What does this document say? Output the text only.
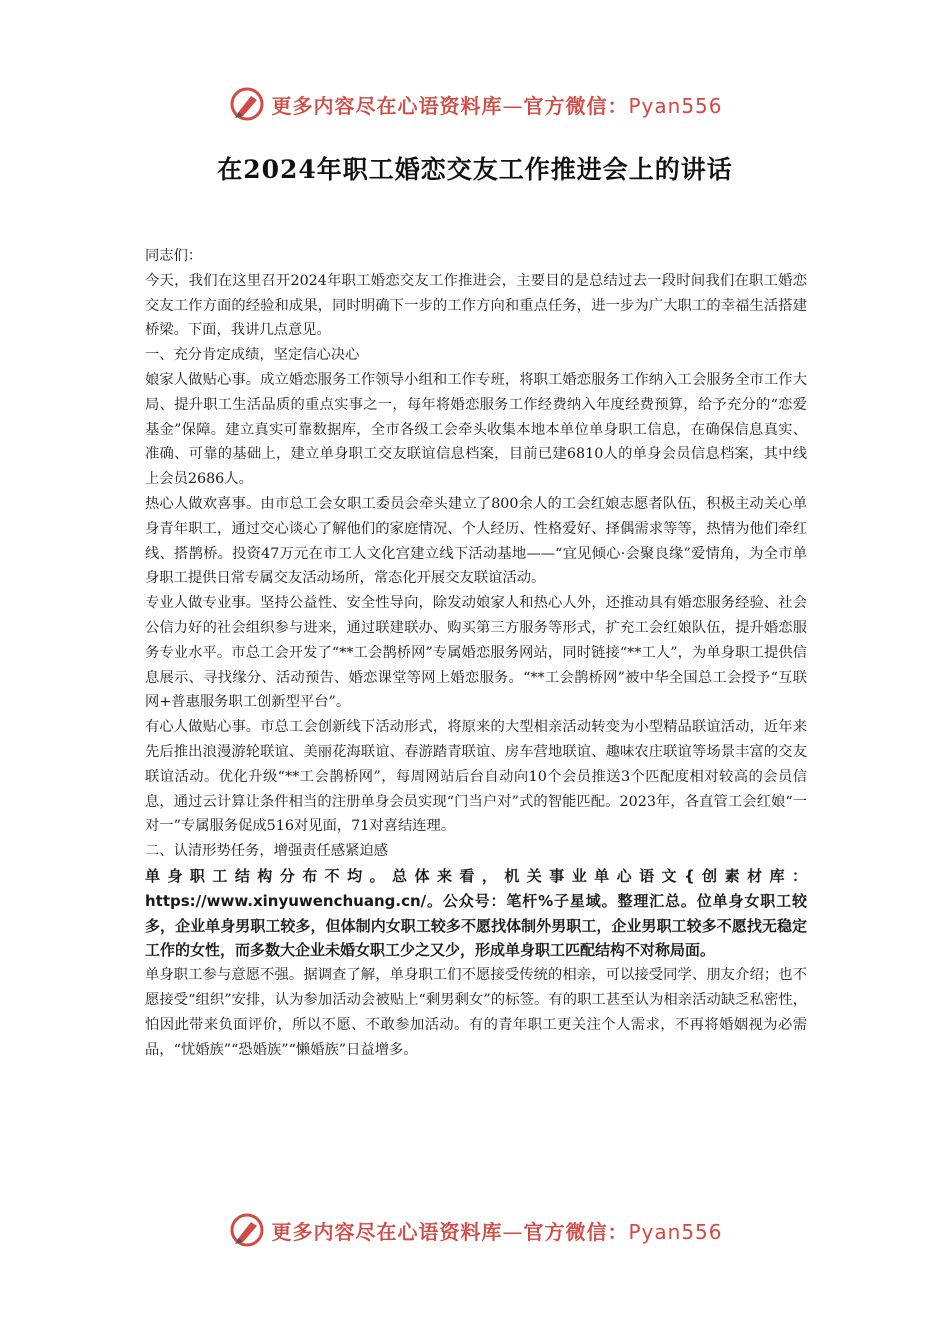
更多内容尽在心语资料库—官方微信：Pyan556
在2024年职工婚恋交友工作推进会上的讲话

同志们：

今天，我们在这里召开2024年职工婚恋交友工作推进会，主要目的是总结过去一段时间我们在职工婚恋交友工作方面的经验和成果，同时明确下一步的工作方向和重点任务，进一步为广大职工的幸福生活搭建桥梁。下面，我讲几点意见。

一、充分肯定成绩，坚定信心决心

娘家人做贴心事。成立婚恋服务工作领导小组和工作专班，将职工婚恋服务工作纳入工会服务全市工作大局、提升职工生活品质的重点实事之一，每年将婚恋服务工作经费纳入年度经费预算，给予充分的“恋爱基金”保障。建立真实可靠数据库，全市各级工会牵头收集本地本单位单身职工信息，在确保信息真实、准确、可靠的基础上，建立单身职工交友联谊信息档案，目前已建6810人的单身会员信息档案，其中线上会员2686人。

热心人做欢喜事。由市总工会女职工委员会牵头建立了800余人的工会红娘志愿者队伍，积极主动关心单身青年职工，通过交心谈心了解他们的家庭情况、个人经历、性格爱好、择偶需求等等，热情为他们牵红线、搭鹊桥。投资47万元在市工人文化宫建立线下活动基地——“宜见倾心·会聚良缘”爱情角，为全市单身职工提供日常专属交友活动场所，常态化开展交友联谊活动。

专业人做专业事。坚持公益性、安全性导向，除发动娘家人和热心人外，还推动具有婚恋服务经验、社会公信力好的社会组织参与进来，通过联建联办、购买第三方服务等形式，扩充工会红娘队伍，提升婚恋服务专业水平。市总工会开发了“**工会鹊桥网”专属婚恋服务网站，同时链接“**工人”，为单身职工提供信息展示、寻找缘分、活动预告、婚恋课堂等网上婚恋服务。“**工会鹊桥网”被中华全国总工会授予“互联网+普惠服务职工创新型平台”。

有心人做贴心事。市总工会创新线下活动形式，将原来的大型相亲活动转变为小型精品联谊活动，近年来先后推出浪漫游轮联谊、美丽花海联谊、春游踏青联谊、房车营地联谊、趣味农庄联谊等场景丰富的交友联谊活动。优化升级“**工会鹊桥网”，每周网站后台自动向10个会员推送3个匹配度相对较高的会员信息，通过云计算让条件相当的注册单身会员实现“门当户对”式的智能匹配。2023年，各直管工会红娘“一对一”专属服务促成516对见面，71对喜结连理。

二、认清形势任务，增强责任感紧迫感

单身职工结构分布不均。总体来看，机关事业单心语文{创素材库：https://www.xinyuwenchuang.cn/。公众号：笔杆%子星域。整理汇总。位单身女职工较多，企业单身男职工较多，但体制内女职工较多不愿找体制外男职工，企业男职工较多不愿找无稳定工作的女性，而多数大企业未婚女职工少之又少，形成单身职工匹配结构不对称局面。

单身职工参与意愿不强。据调查了解，单身职工们不愿接受传统的相亲，可以接受同学、朋友介绍；也不愿接受“组织”安排，认为参加活动会被贴上“剩男剩女”的标签。有的职工甚至认为相亲活动缺乏私密性，怕因此带来负面评价，所以不愿、不敢参加活动。有的青年职工更关注个人需求，不再将婚姻视为必需品，“忧婚族”“恐婚族”“懒婚族”日益增多。

更多内容尽在心语资料库—官方微信：Pyan556
